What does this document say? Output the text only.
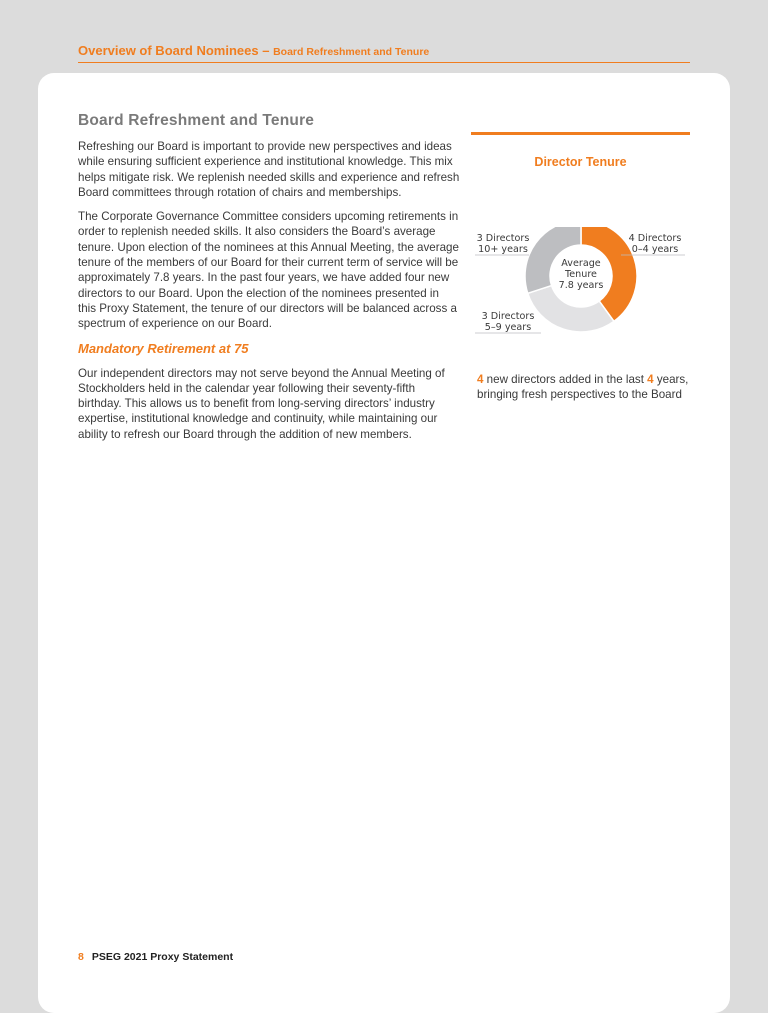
Overview of Board Nominees – Board Refreshment and Tenure
Board Refreshment and Tenure

Refreshing our Board is important to provide new perspectives and ideas while ensuring sufficient experience and institutional knowledge. This mix helps mitigate risk. We replenish needed skills and experience and refresh Board committees through rotation of chairs and memberships.

The Corporate Governance Committee considers upcoming retirements in order to replenish needed skills. It also considers the Board’s average tenure. Upon election of the nominees at this Annual Meeting, the average tenure of the members of our Board for their current term of service will be approximately 7.8 years. In the past four years, we have added four new directors to our Board. Upon the election of the nominees presented in this Proxy Statement, the tenure of our directors will be balanced across a spectrum of experience on our Board.

Mandatory Retirement at 75

Our independent directors may not serve beyond the Annual Meeting of Stockholders held in the calendar year following their seventy-fifth birthday. This allows us to benefit from long-serving directors’ industry expertise, institutional knowledge and continuity, while maintaining our ability to refresh our Board through the addition of new members.

Director Tenure
4 Directors
0–4 years
3 Directors
10+ years
3 Directors
5–9 years
Average
Tenure
7.8 years
4 new directors added in the last 4 years, bringing fresh perspectives to the Board
8 PSEG 2021 Proxy Statement
